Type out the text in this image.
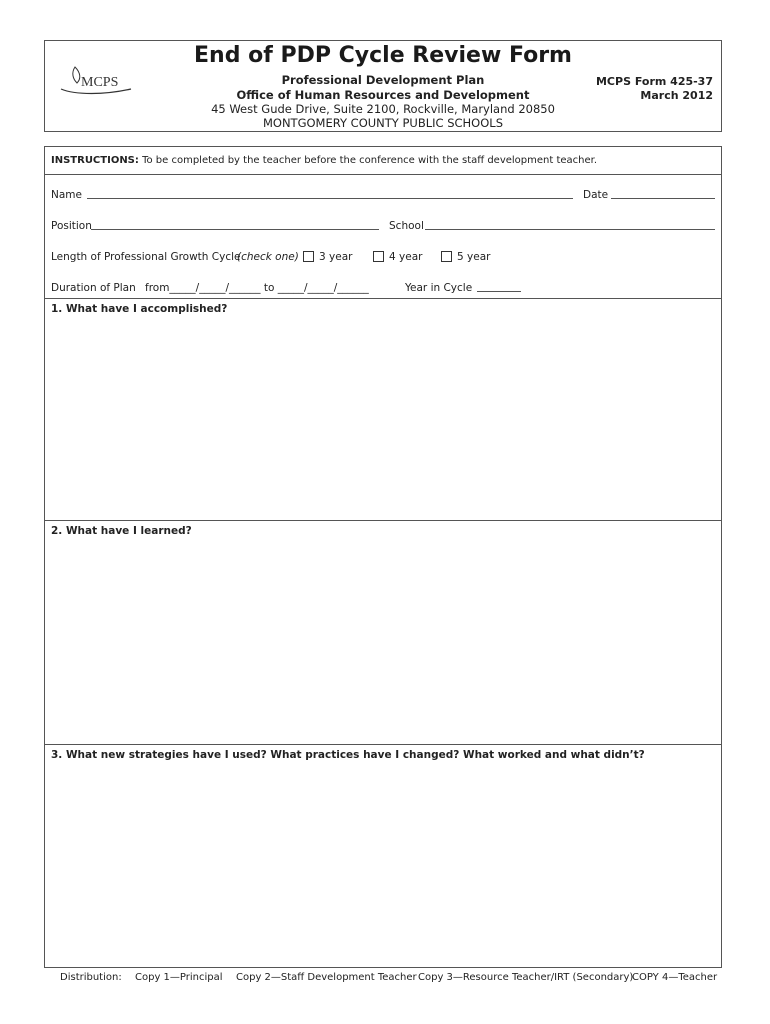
MCPS
End of PDP Cycle Review Form
Professional Development Plan
Office of Human Resources and Development
45 West Gude Drive, Suite 2100, Rockville, Maryland 20850
MONTGOMERY COUNTY PUBLIC SCHOOLS
MCPS Form 425-37
March 2012
INSTRUCTIONS: To be completed by the teacher before the conference with the staff development teacher.
Name	Date
Position	School
Length of Professional Growth Cycle
(check one) 3 year	4 year	5 year
Duration of Plan from_____/_____/______ to _____/_____/______	Year in Cycle
1. What have I accomplished?
2. What have I learned?
3. What new strategies have I used? What practices have I changed? What worked and what didn’t?
Distribution: Copy 1—Principal Copy 2—Staff Development Teacher Copy 3—Resource Teacher/IRT (Secondary)
COPY 4—Teacher
